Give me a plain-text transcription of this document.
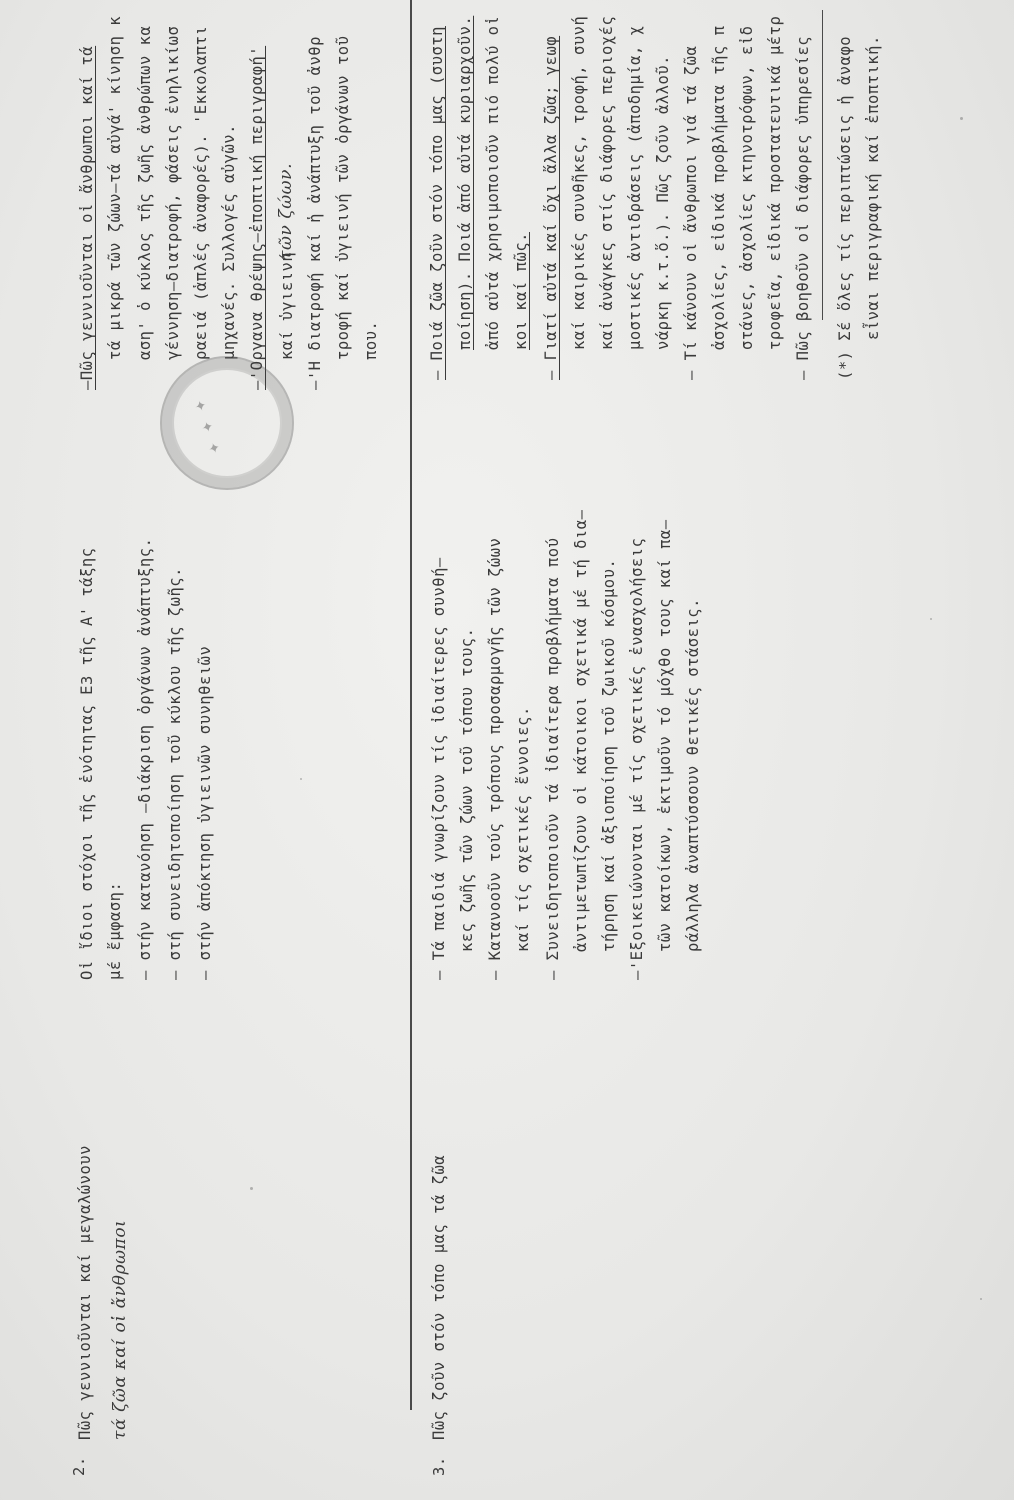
2.
Πῶς γεννιοῦνται καί μεγαλώνουν τά ζῶα καί οἱ ἄνθρωποι
Οἱ ἴδιοι στόχοι τῆς ἑνότητας Ε3 τῆς Α' τάξης μέ ἔμφαση: — στήν κατανόηση —διάκριση ὀργάνων ἀνάπτυξης. — στή συνειδητοποίηση τοῦ κύκλου τῆς ζωῆς. — στήν ἀπόκτηση ὑγιεινῶν συνηθειῶν
—Πῶς γεννιοῦνται οἱ ἄνθρωποι καί τά τά μικρά τῶν ζώων—τά αὐγά' κίνηση κ αση' ὁ κύκλος τῆς ζωῆς ἀνθρώπων κα γέννηση—διατροφή, φάσεις ἐνηλικίωσ ραειά (ἁπλές ἀναφορές). 'Εκκολαπτι μηχανές. Συλλογές αὐγῶν. —'Οργανα θρέψης—ἐποπτική περιγραφή' καί ὑγιεινή
τῶν ζώων. —'Η διατροφή καί ἡ ἀνάπτυξη τοῦ ἀνθρ τροφή καί ὑγιεινή τῶν ὀργάνων τοῦ που.
✦ ✦ ✦
3.
Πῶς ζοῦν στόν τόπο μας τά ζῶα
— Τά παιδιά γνωρίζουν τίς ἰδιαίτερες συνθή— κες ζωῆς τῶν ζώων τοῦ τόπου τους. — Κατανοοῦν τούς τρόπους προσαρμογῆς τῶν ζώων καί τίς σχετικές ἔννοιες. — Συνειδητοποιοῦν τά ἰδιαίτερα προβλήματα πού ἀντιμετωπίζουν οἱ κάτοικοι σχετικά μέ τή δια— τήρηση καί ἀξιοποίηση τοῦ ζωικοῦ κόσμου. —'Εξοικειώνονται μέ τίς σχετικές ἐνασχολήσεις τῶν κατοίκων, ἐκτιμοῦν τό μόχθο τους καί πα— ράλληλα ἀναπτύσσουν θετικές στάσεις.
— Ποιά ζῶα ζοῦν στόν τόπο μας (συστη ποίηση). Ποιά ἀπό αὐτά κυριαρχοῦν. ἀπό αὐτά χρησιμοποιοῦν πιό πολύ οἱ κοι καί πῶς. — Γιατί αὐτά καί ὄχι ἄλλα ζῶα; γεωφ καί καιρικές συνθῆκες, τροφή, συνή καί ἀνάγκες στίς διάφορες περιοχές μοστικές ἀντιδράσεις (ἀποδημία, χ νάρκη κ.τ.ὅ.). Πῶς ζοῦν ἀλλοῦ. — Τί κάνουν οἱ ἄνθρωποι γιά τά ζῶα ἀσχολίες, εἰδικά προβλήματα τῆς π στάνες, ἀσχολίες κτηνοτρόφων, εἰδ τροφεῖα, εἰδικά προστατευτικά μέτρ — Πῶς βοηθοῦν οἱ διάφορες ὑπηρεσίες (*) Σέ ὅλες τίς περιπτώσεις ἡ ἀναφο εἶναι περιγραφική καί ἐποπτική.
